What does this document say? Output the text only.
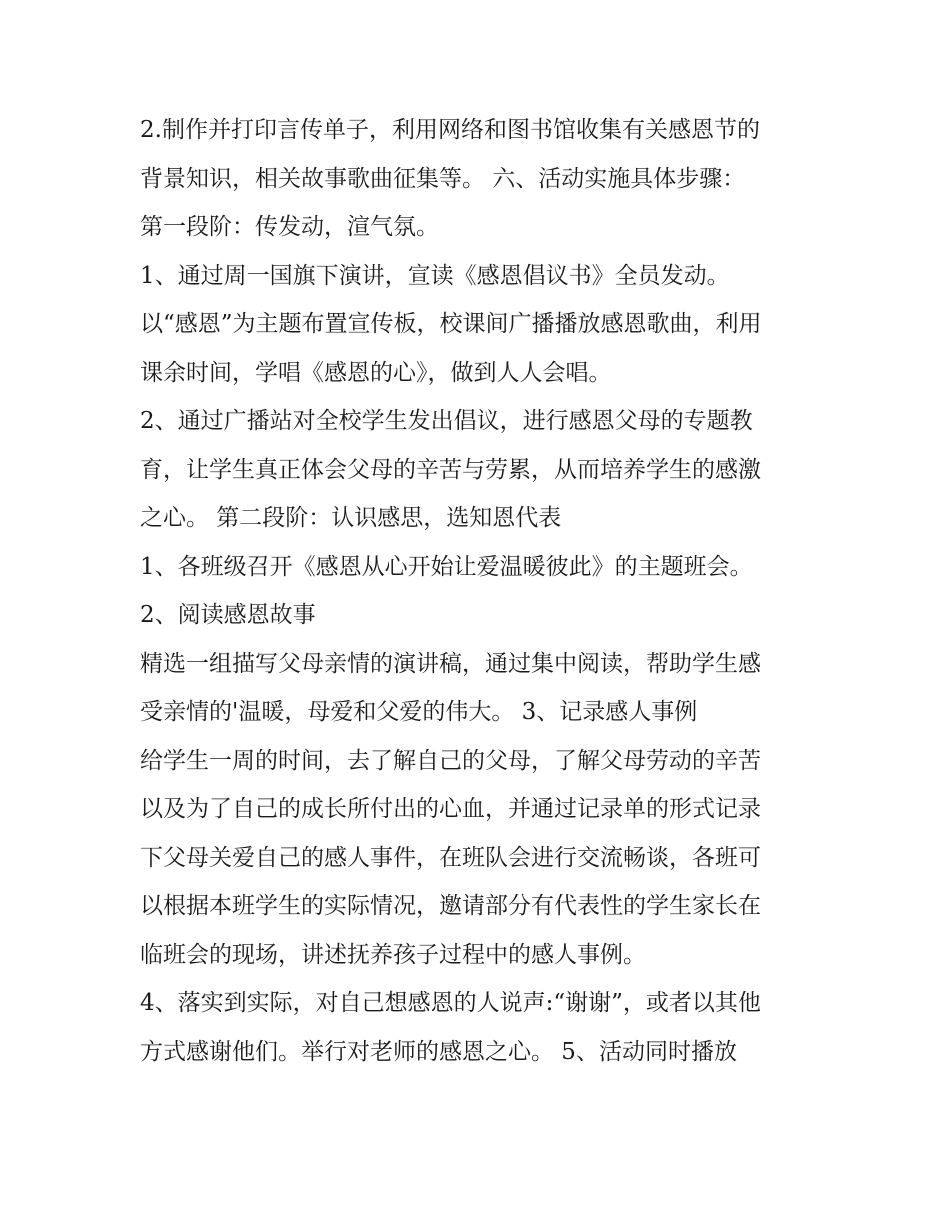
2.制作并打印言传单子，利用网络和图书馆收集有关感恩节的
背景知识，相关故事歌曲征集等。 六、活动实施具体步骤：
第一段阶：传发动，渲气氛。
1、通过周一国旗下演讲，宣读《感恩倡议书》全员发动。
以“感恩”为主题布置宣传板，校课间广播播放感恩歌曲，利用
课余时间，学唱《感恩的心》，做到人人会唱。
2、通过广播站对全校学生发出倡议，进行感恩父母的专题教
育，让学生真正体会父母的辛苦与劳累，从而培养学生的感激
之心。 第二段阶：认识感思，选知恩代表
1、各班级召开《感恩从心开始让爱温暖彼此》的主题班会。
2、阅读感恩故事
精选一组描写父母亲情的演讲稿，通过集中阅读，帮助学生感
受亲情的'温暖，母爱和父爱的伟大。 3、记录感人事例
给学生一周的时间，去了解自己的父母，了解父母劳动的辛苦
以及为了自己的成长所付出的心血，并通过记录单的形式记录
下父母关爱自己的感人事件，在班队会进行交流畅谈，各班可
以根据本班学生的实际情况，邀请部分有代表性的学生家长在
临班会的现场，讲述抚养孩子过程中的感人事例。
4、落实到实际，对自己想感恩的人说声:“谢谢”，或者以其他
方式感谢他们。举行对老师的感恩之心。 5、活动同时播放
